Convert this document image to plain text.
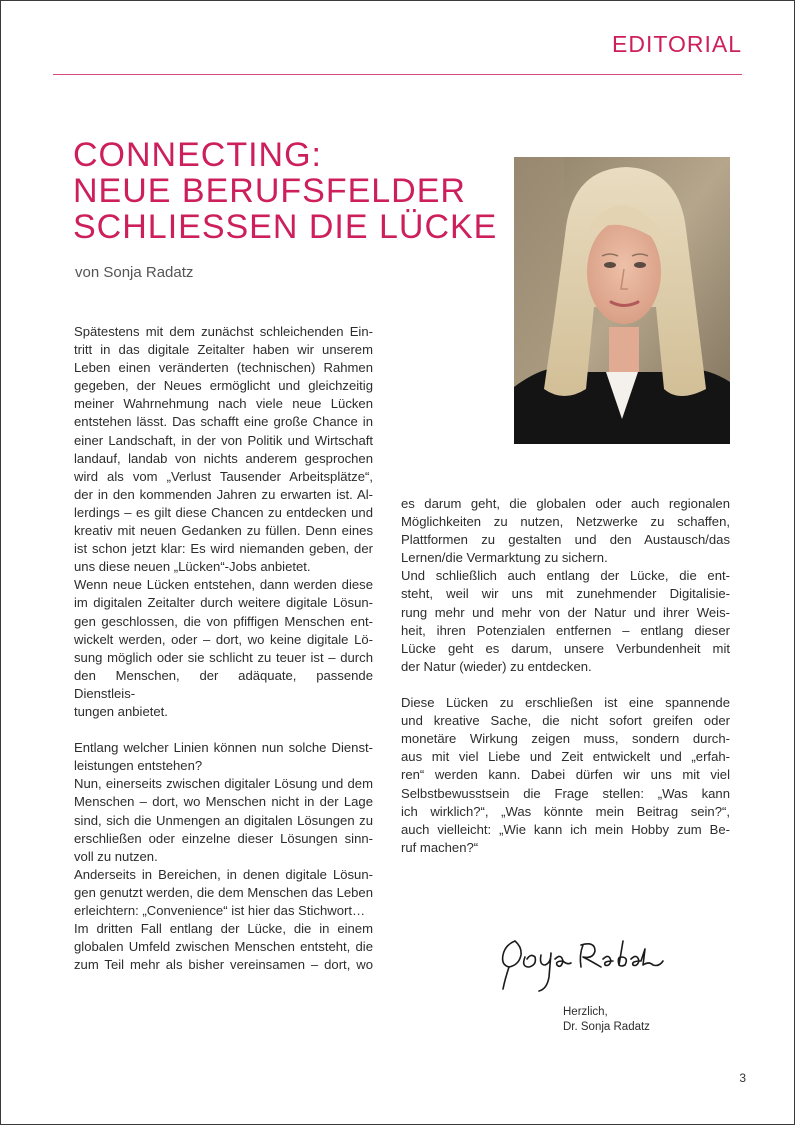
EDITORIAL
CONNECTING:
NEUE BERUFSFELDER
SCHLIESSEN DIE LÜCKE
von Sonja Radatz

Spätestens mit dem zunächst schleichenden Ein-
tritt in das digitale Zeitalter haben wir unserem
Leben einen veränderten (technischen) Rahmen
gegeben, der Neues ermöglicht und gleichzeitig
meiner Wahrnehmung nach viele neue Lücken
entstehen lässt. Das schafft eine große Chance in
einer Landschaft, in der von Politik und Wirtschaft
landauf, landab von nichts anderem gesprochen
wird als vom „Verlust Tausender Arbeitsplätze“,
der in den kommenden Jahren zu erwarten ist. Al-
lerdings – es gilt diese Chancen zu entdecken und
kreativ mit neuen Gedanken zu füllen. Denn eines
ist schon jetzt klar: Es wird niemanden geben, der
uns diese neuen „Lücken“-Jobs anbietet.

Wenn neue Lücken entstehen, dann werden diese
im digitalen Zeitalter durch weitere digitale Lösun-
gen geschlossen, die von pfiffigen Menschen ent-
wickelt werden, oder – dort, wo keine digitale Lö-
sung möglich oder sie schlicht zu teuer ist – durch
den Menschen, der adäquate, passende Dienstleis-
tungen anbietet.

Entlang welcher Linien können nun solche Dienst-
leistungen entstehen?

Nun, einerseits zwischen digitaler Lösung und dem
Menschen – dort, wo Menschen nicht in der Lage
sind, sich die Unmengen an digitalen Lösungen zu
erschließen oder einzelne dieser Lösungen sinn-
voll zu nutzen.

Anderseits in Bereichen, in denen digitale Lösun-
gen genutzt werden, die dem Menschen das Leben
erleichtern: „Convenience“ ist hier das Stichwort…

Im dritten Fall entlang der Lücke, die in einem
globalen Umfeld zwischen Menschen entsteht, die
zum Teil mehr als bisher vereinsamen – dort, wo

es darum geht, die globalen oder auch regionalen
Möglichkeiten zu nutzen, Netzwerke zu schaffen,
Plattformen zu gestalten und den Austausch/das
Lernen/die Vermarktung zu sichern.

Und schließlich auch entlang der Lücke, die ent-
steht, weil wir uns mit zunehmender Digitalisie-
rung mehr und mehr von der Natur und ihrer Weis-
heit, ihren Potenzialen entfernen – entlang dieser
Lücke geht es darum, unsere Verbundenheit mit
der Natur (wieder) zu entdecken.

Diese Lücken zu erschließen ist eine spannende
und kreative Sache, die nicht sofort greifen oder
monetäre Wirkung zeigen muss, sondern durch-
aus mit viel Liebe und Zeit entwickelt und „erfah-
ren“ werden kann. Dabei dürfen wir uns mit viel
Selbstbewusstsein die Frage stellen: „Was kann
ich wirklich?“, „Was könnte mein Beitrag sein?“,
auch vielleicht: „Wie kann ich mein Hobby zum Be-
ruf machen?“

Herzlich,
Dr. Sonja Radatz
3
